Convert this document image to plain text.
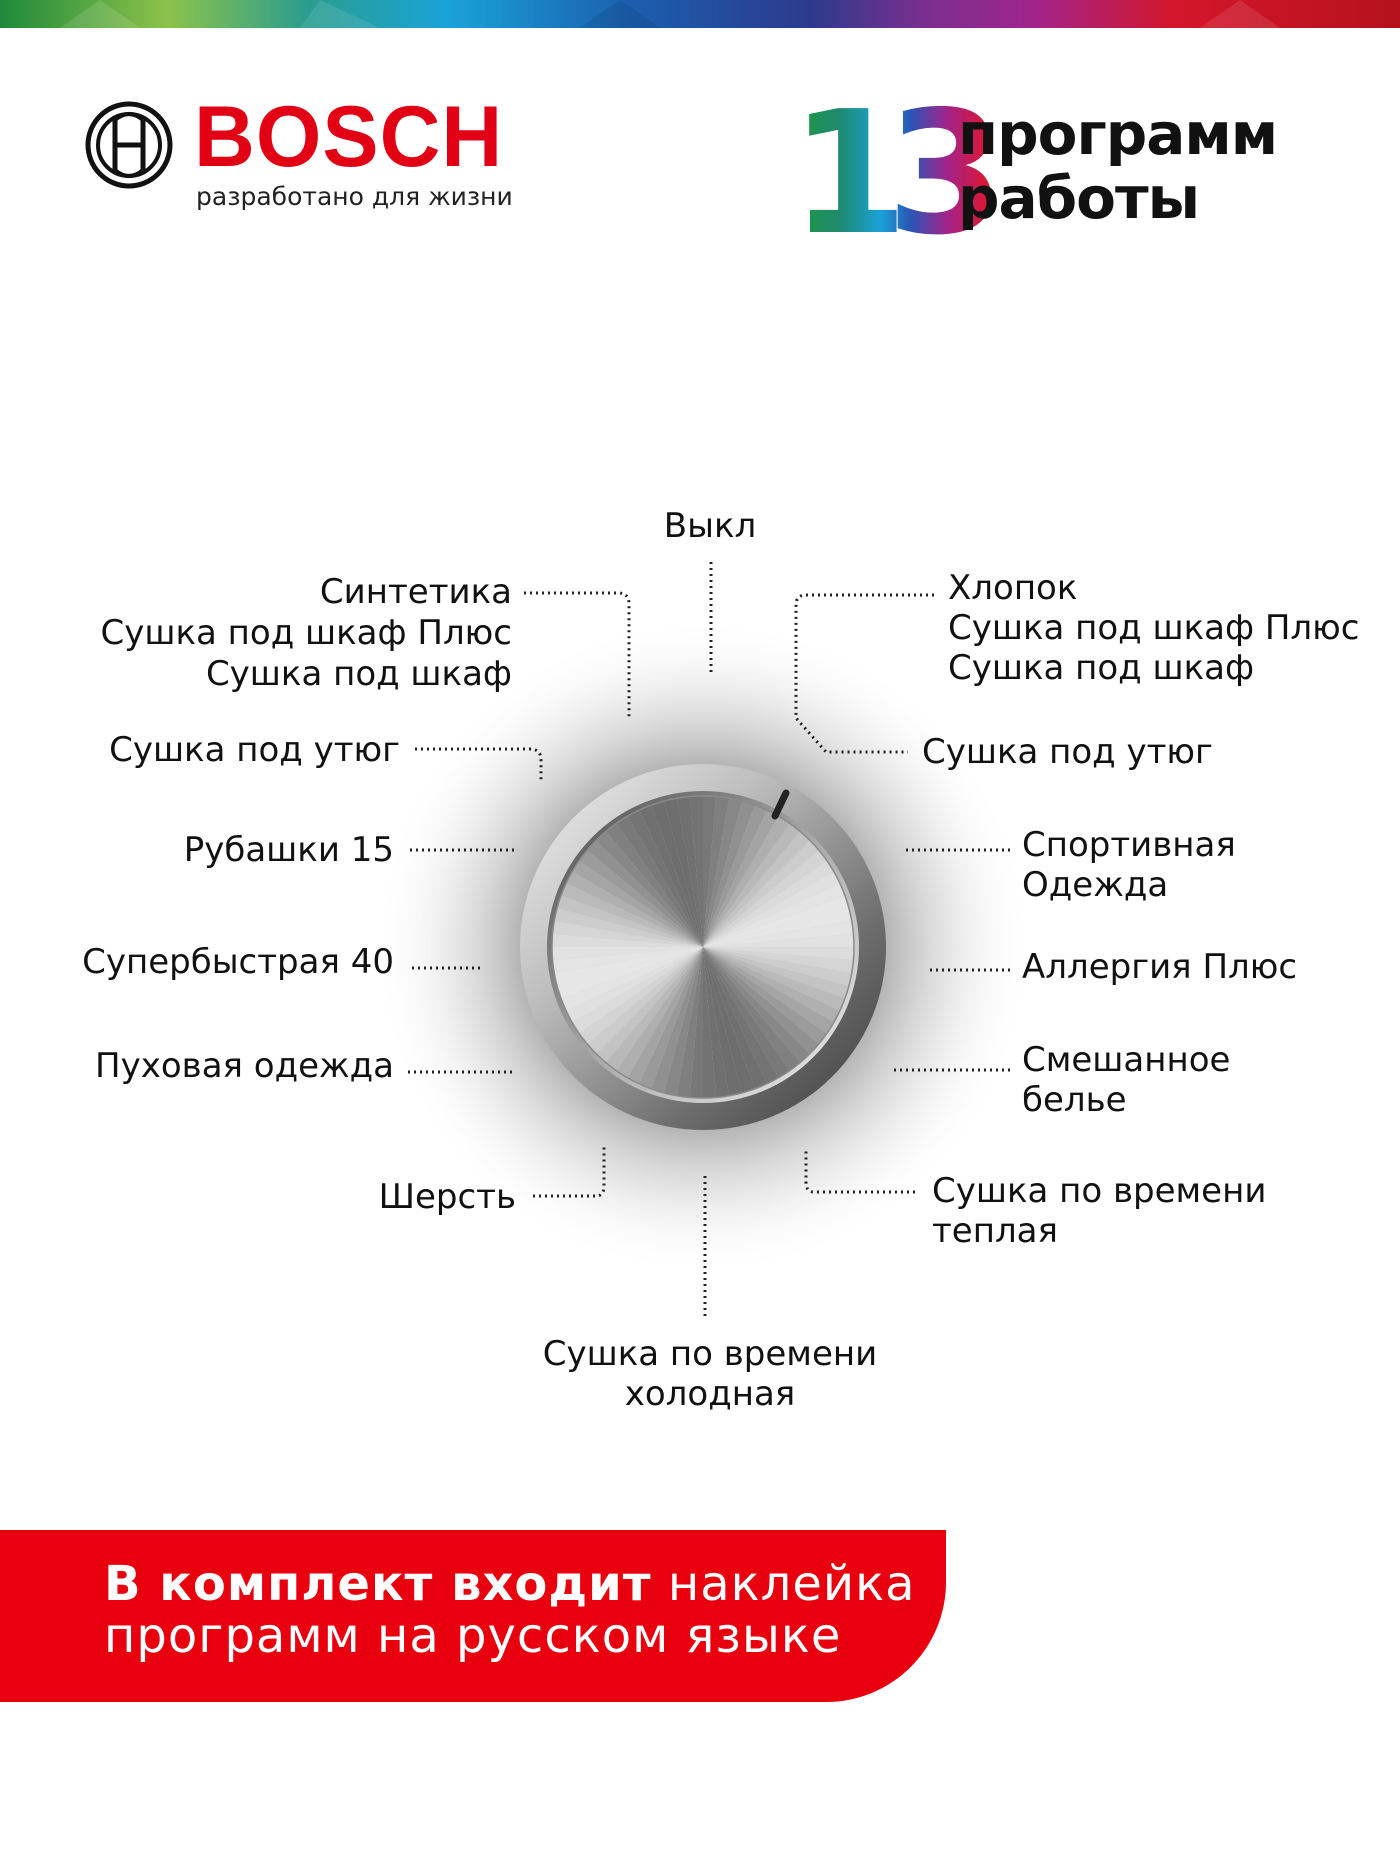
BOSCH
разработано для жизни 13
программ
работы
Выкл
Синтетика
Сушка под шкаф Плюс
Сушка под шкаф
Сушка под утюг
Рубашки 15
Супербыстрая 40
Пуховая одежда
Шерсть
Хлопок
Сушка под шкаф Плюс
Сушка под шкаф
Сушка под утюг
Спортивная
Одежда
Аллергия Плюс
Смешанное
белье
Сушка по времени
теплая
Сушка по времени
холодная
В комплект входит наклейка
программ на русском языке
